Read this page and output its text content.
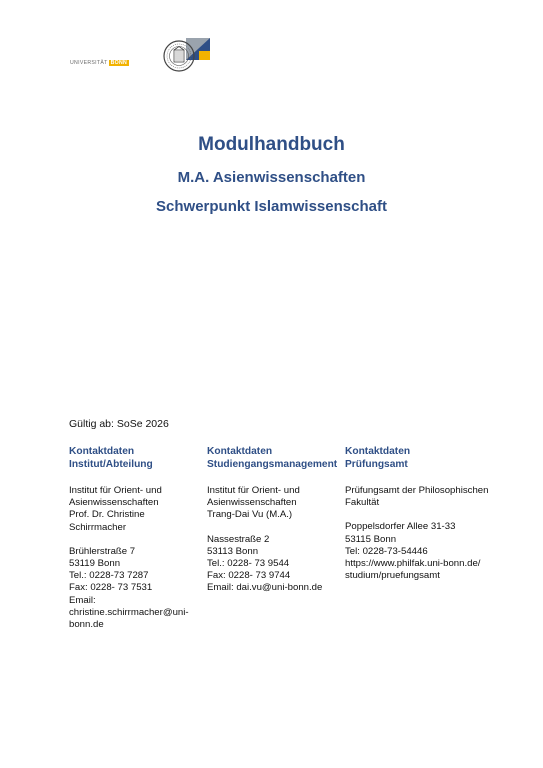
UNIVERSITÄT BONN

Modulhandbuch

M.A. Asienwissenschaften

Schwerpunkt Islamwissenschaft

Gültig ab: SoSe 2026
Kontaktdaten
Institut/Abteilung
Institut für Orient- und
Asienwissenschaften
Prof. Dr. Christine
Schirrmacher
Brühlerstraße 7
53119 Bonn
Tel.: 0228-73 7287
Fax: 0228- 73 7531
Email:
christine.schirrmacher@uni-
bonn.de
Kontaktdaten
Studiengangsmanagement
Institut für Orient- und
Asienwissenschaften
Trang-Dai Vu (M.A.)
Nassestraße 2
53113 Bonn
Tel.: 0228- 73 9544
Fax: 0228- 73 9744
Email: dai.vu@uni-bonn.de
Kontaktdaten
Prüfungsamt
Prüfungsamt der Philosophischen
Fakultät
Poppelsdorfer Allee 31-33
53115 Bonn
Tel: 0228-73-54446
https://www.philfak.uni-bonn.de/
studium/pruefungsamt
